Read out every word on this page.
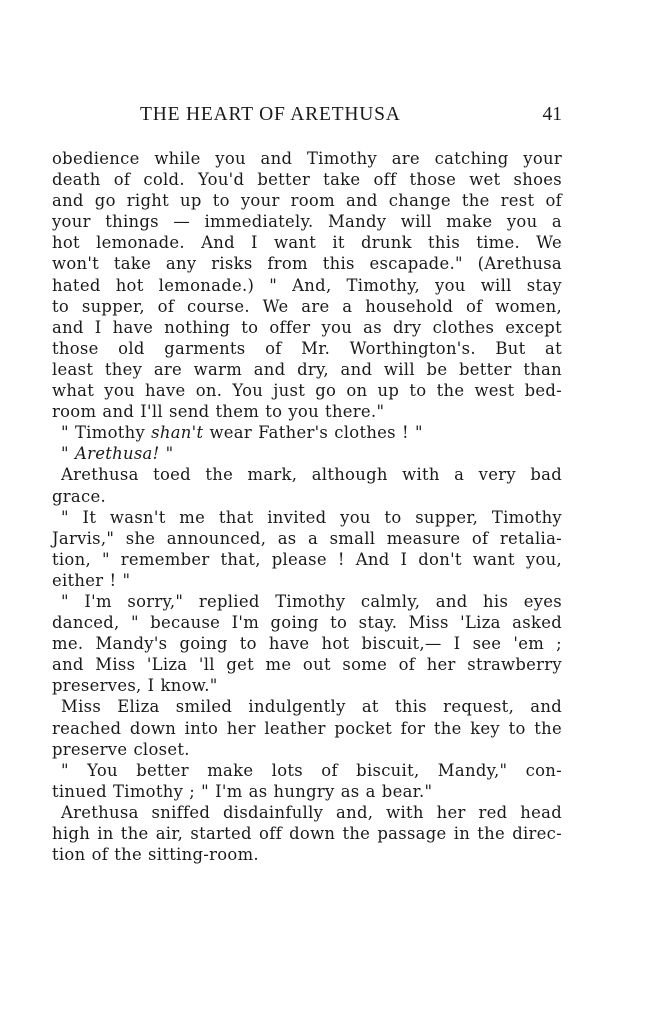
THE HEART OF ARETHUSA	41
obedience while you and Timothy are catching your
death of cold. You'd better take off those wet shoes
and go right up to your room and change the rest of
your things — immediately. Mandy will make you a
hot lemonade. And I want it drunk this time. We
won't take any risks from this escapade." (Arethusa
hated hot lemonade.) " And, Timothy, you will stay
to supper, of course. We are a household of women,
and I have nothing to offer you as dry clothes except
those old garments of Mr. Worthington's. But at
least they are warm and dry, and will be better than
what you have on. You just go on up to the west bed-
room and I'll send them to you there."
" Timothy shan't wear Father's clothes ! "
" Arethusa! "
Arethusa toed the mark, although with a very bad
grace.
" It wasn't me that invited you to supper, Timothy
Jarvis," she announced, as a small measure of retalia-
tion, " remember that, please ! And I don't want you,
either ! "
" I'm sorry," replied Timothy calmly, and his eyes
danced, " because I'm going to stay. Miss 'Liza asked
me. Mandy's going to have hot biscuit,— I see 'em ;
and Miss 'Liza 'll get me out some of her strawberry
preserves, I know."
Miss Eliza smiled indulgently at this request, and
reached down into her leather pocket for the key to the
preserve closet.
" You better make lots of biscuit, Mandy," con-
tinued Timothy ; " I'm as hungry as a bear."
Arethusa sniffed disdainfully and, with her red head
high in the air, started off down the passage in the direc-
tion of the sitting-room.
